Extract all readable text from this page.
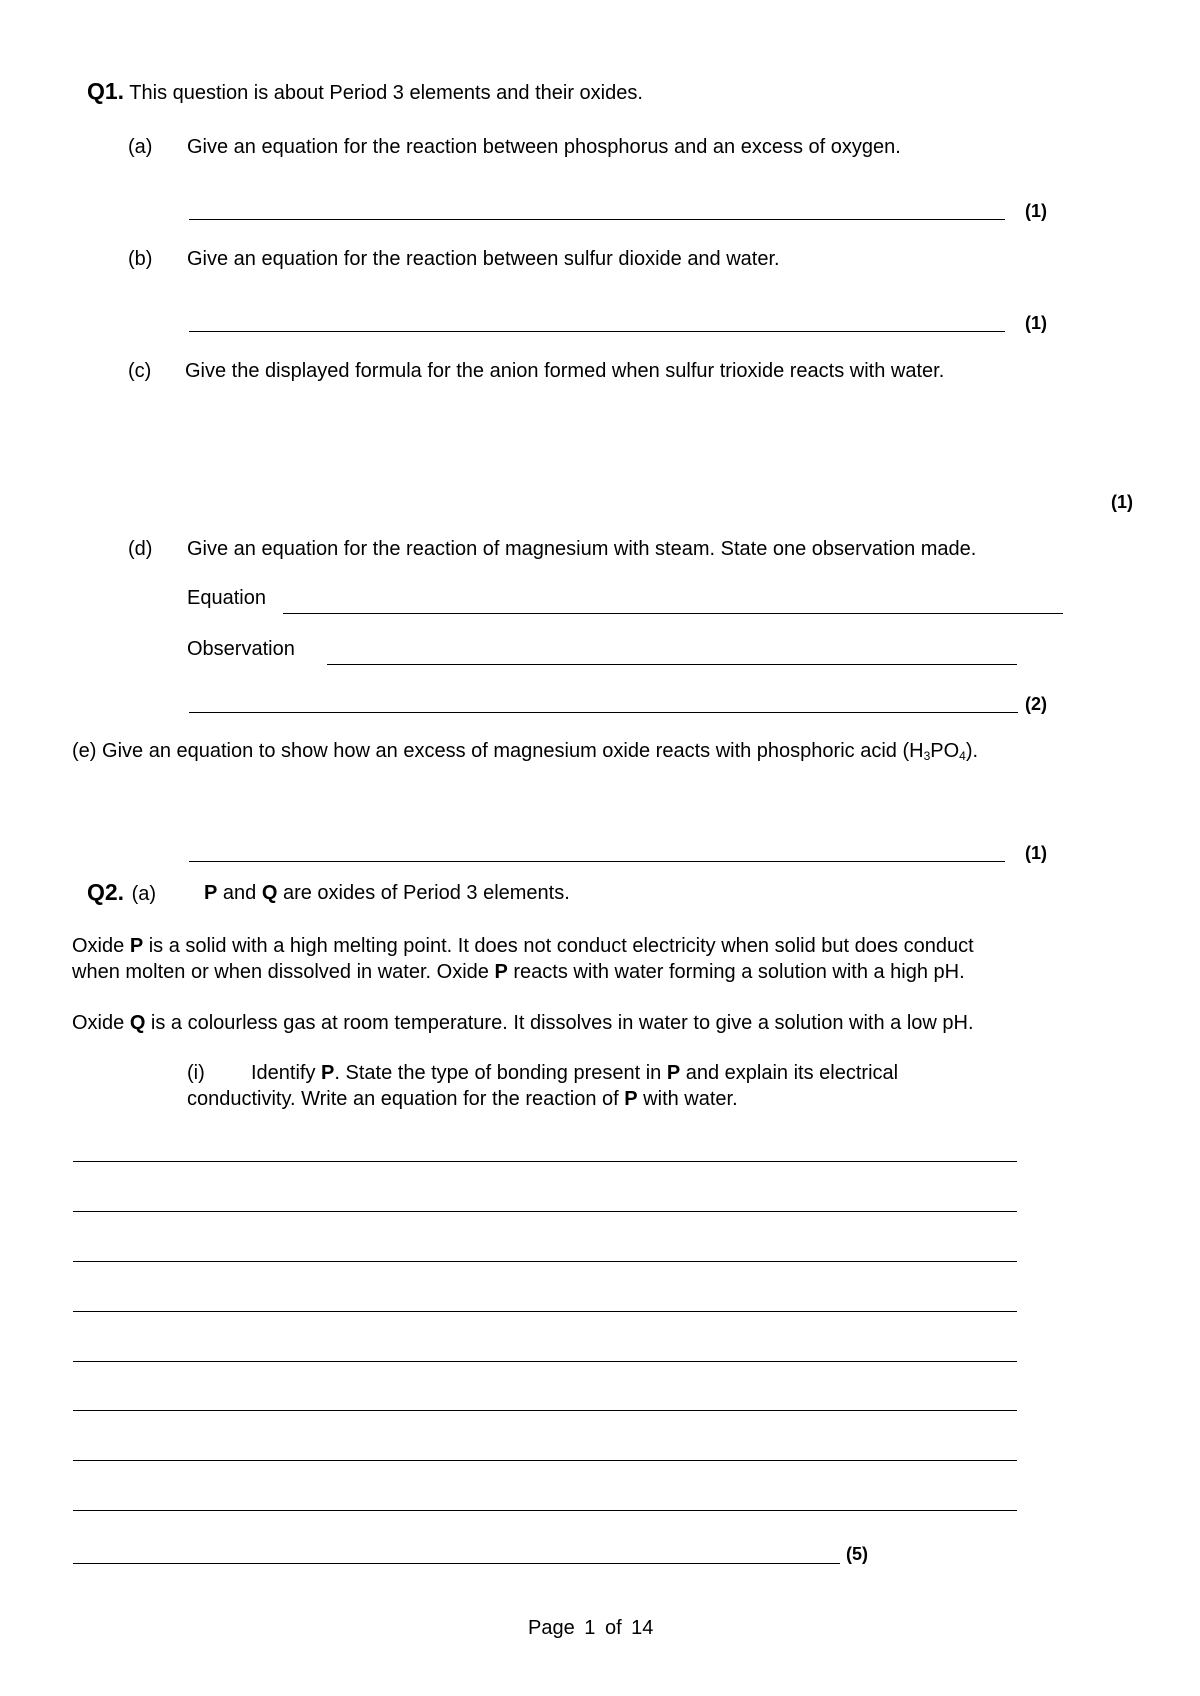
Q1. This question is about Period 3 elements and their oxides.
(a) Give an equation for the reaction between phosphorus and an excess of oxygen.
(1)
(b) Give an equation for the reaction between sulfur dioxide and water.
(1)
(c) Give the displayed formula for the anion formed when sulfur trioxide reacts with water.
(1)
(d) Give an equation for the reaction of magnesium with steam. State one observation made.
Equation
Observation
(2)
(e) Give an equation to show how an excess of magnesium oxide reacts with phosphoric acid $(H_3PO_4)$.
(1)
Q2. (a) P and Q are oxides of Period 3 elements.
Oxide P is a solid with a high melting point. It does not conduct electricity when solid but does conduct
when molten or when dissolved in water. Oxide P reacts with water forming a solution with a high pH.
Oxide Q is a colourless gas at room temperature. It dissolves in water to give a solution with a low pH.
(i) Identify P. State the type of bonding present in P and explain its electrical
conductivity. Write an equation for the reaction of P with water.
(5)
Page 1 of 14
